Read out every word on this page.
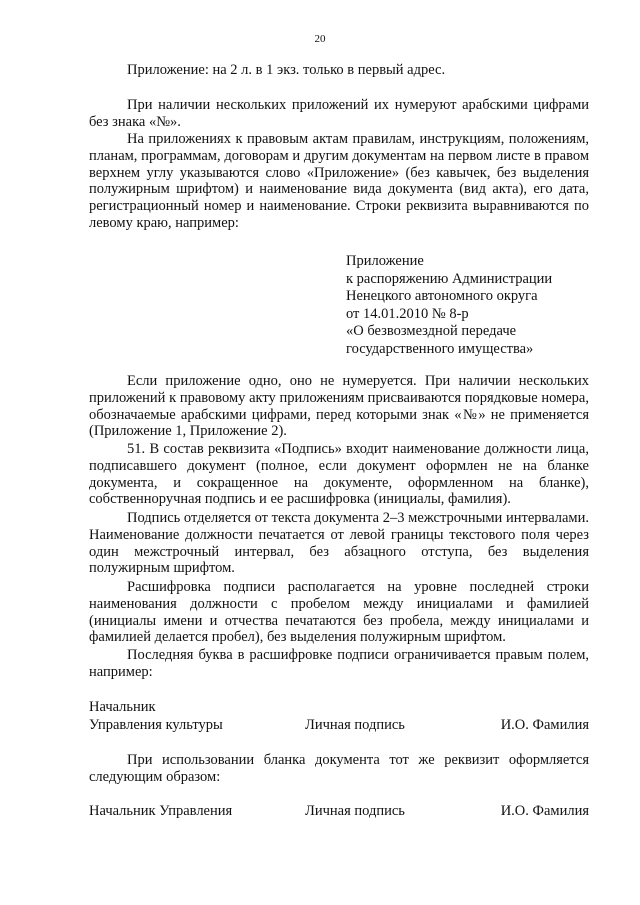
20

Приложение: на 2 л. в 1 экз. только в первый адрес.

При наличии нескольких приложений их нумеруют арабскими цифрами без знака «№».

На приложениях к правовым актам правилам, инструкциям, положениям, планам, программам, договорам и другим документам на первом листе в правом верхнем углу указываются слово «Приложение» (без кавычек, без выделения полужирным шрифтом) и наименование вида документа (вид акта), его дата, регистрационный номер и наименование. Строки реквизита выравниваются по левому краю, например:

Приложение
к распоряжению Администрации
Ненецкого автономного округа
от 14.01.2010 № 8-р
«О безвозмездной передаче
государственного имущества»

Если приложение одно, оно не нумеруется. При наличии нескольких приложений к правовому акту приложениям присваиваются порядковые номера, обозначаемые арабскими цифрами, перед которыми знак «№» не применяется (Приложение 1, Приложение 2).

51. В состав реквизита «Подпись» входит наименование должности лица, подписавшего документ (полное, если документ оформлен не на бланке документа, и сокращенное на документе, оформленном на бланке), собственноручная подпись и ее расшифровка (инициалы, фамилия).

Подпись отделяется от текста документа 2–3 межстрочными интервалами. Наименование должности печатается от левой границы текстового поля через один межстрочный интервал, без абзацного отступа, без выделения полужирным шрифтом.

Расшифровка подписи располагается на уровне последней строки наименования должности с пробелом между инициалами и фамилией (инициалы имени и отчества печатаются без пробела, между инициалами и фамилией делается пробел), без выделения полужирным шрифтом.

Последняя буква в расшифровке подписи ограничивается правым полем, например:

Начальник
Управления культуры	Личная подпись	И.О. Фамилия

При использовании бланка документа тот же реквизит оформляется следующим образом:

Начальник Управления	Личная подпись	И.О. Фамилия
